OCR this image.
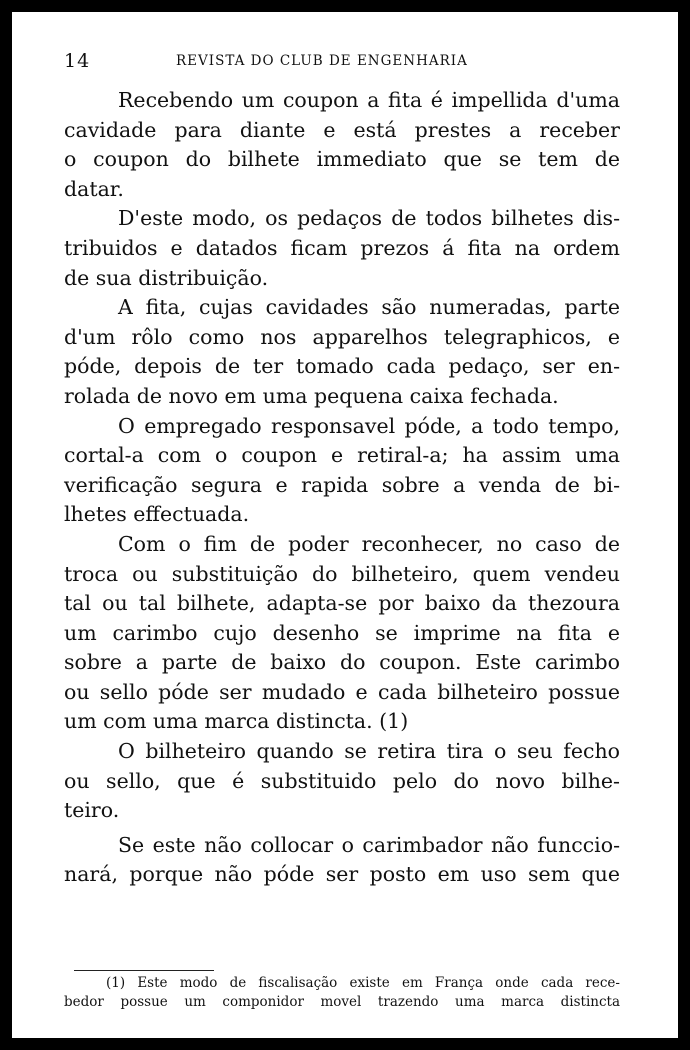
14	REVISTA DO CLUB DE ENGENHARIA
Recebendo um coupon a fita é impellida d'uma
cavidade para diante e está prestes a receber
o coupon do bilhete immediato que se tem de
datar.
D'este modo, os pedaços de todos bilhetes dis-
tribuidos e datados ficam prezos á fita na ordem
de sua distribuição.
A fita, cujas cavidades são numeradas, parte
d'um rôlo como nos apparelhos telegraphicos, e
póde, depois de ter tomado cada pedaço, ser en-
rolada de novo em uma pequena caixa fechada.
O empregado responsavel póde, a todo tempo,
cortal-a com o coupon e retiral-a; ha assim uma
verificação segura e rapida sobre a venda de bi-
lhetes effectuada.
Com o fim de poder reconhecer, no caso de
troca ou substituição do bilheteiro, quem vendeu
tal ou tal bilhete, adapta-se por baixo da thezoura
um carimbo cujo desenho se imprime na fita e
sobre a parte de baixo do coupon. Este carimbo
ou sello póde ser mudado e cada bilheteiro possue
um com uma marca distincta. (1)
O bilheteiro quando se retira tira o seu fecho
ou sello, que é substituido pelo do novo bilhe-
teiro.
Se este não collocar o carimbador não funccio-
nará, porque não póde ser posto em uso sem que
(1) Este modo de fiscalisação existe em França onde cada rece-
bedor possue um componidor movel trazendo uma marca distincta
